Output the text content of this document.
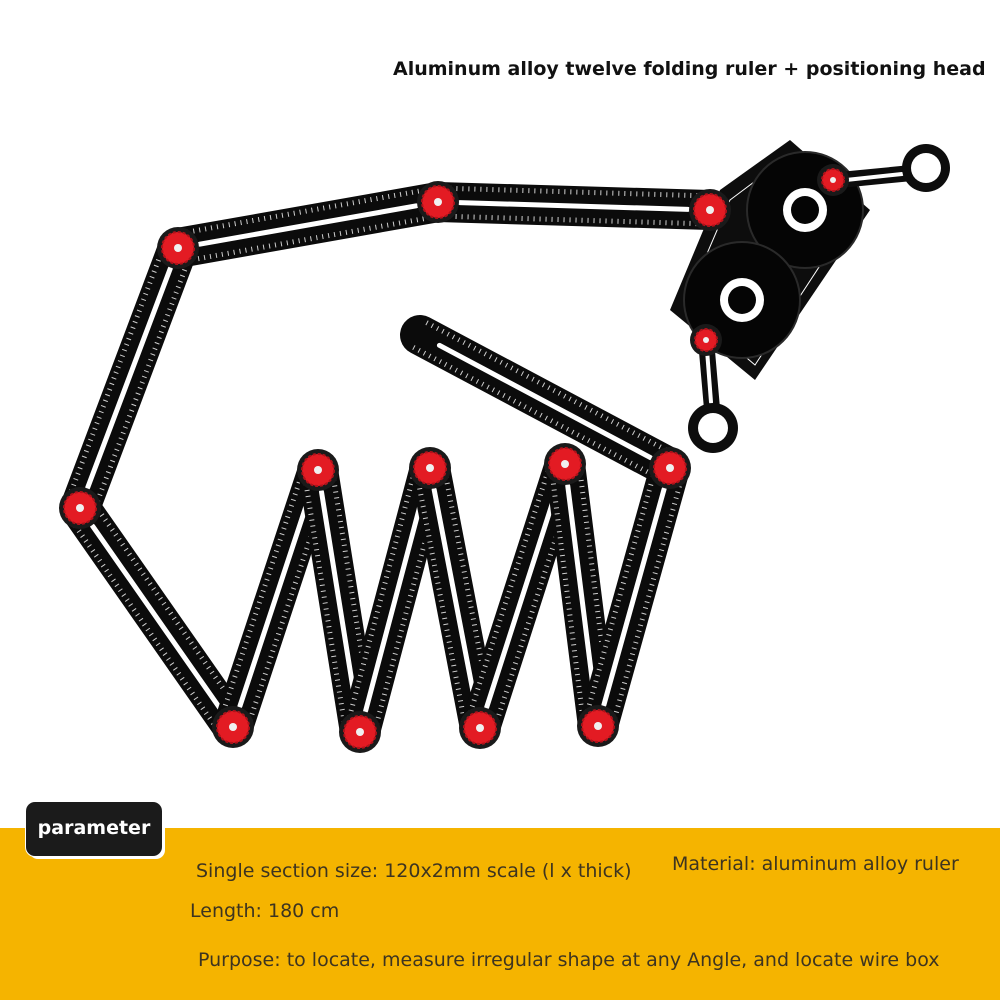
Aluminum alloy twelve folding ruler + positioning head
parameter
Single section size: 120x2mm scale (l x thick) Material: aluminum alloy ruler
Length: 180 cm
Purpose: to locate, measure irregular shape at any Angle, and locate wire box
